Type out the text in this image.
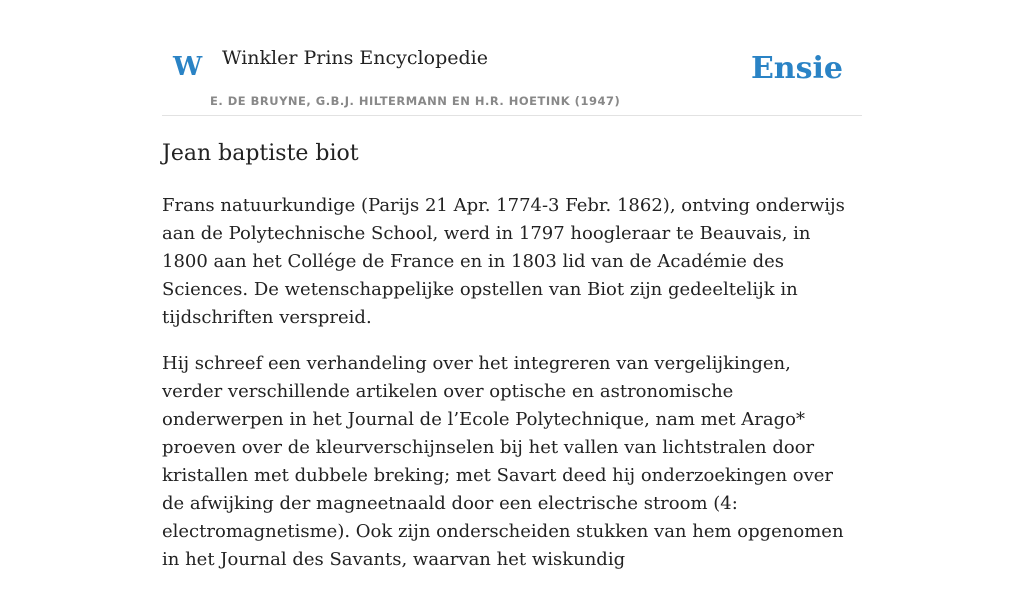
W Winkler Prins Encyclopedie
E. DE BRUYNE, G.B.J. HILTERMANN EN H.R. HOETINK (1947)
Ensie
Jean baptiste biot

Frans natuurkundige (Parijs 21 Apr. 1774-3 Febr. 1862), ontving onderwijs aan de Polytechnische School, werd in 1797 hoogleraar te Beauvais, in 1800 aan het Collége de France en in 1803 lid van de Académie des Sciences. De wetenschappelijke opstellen van Biot zijn gedeeltelijk in tijdschriften verspreid.

Hij schreef een verhandeling over het integreren van vergelijkingen, verder verschillende artikelen over optische en astronomische onderwerpen in het Journal de l’Ecole Polytechnique, nam met Arago* proeven over de kleurverschijnselen bij het vallen van lichtstralen door kristallen met dubbele breking; met Savart deed hij onderzoekingen over de afwijking der magneetnaald door een electrische stroom (4: electromagnetisme). Ook zijn onderscheiden stukken van hem opgenomen in het Journal des Savants, waarvan het wiskundig
